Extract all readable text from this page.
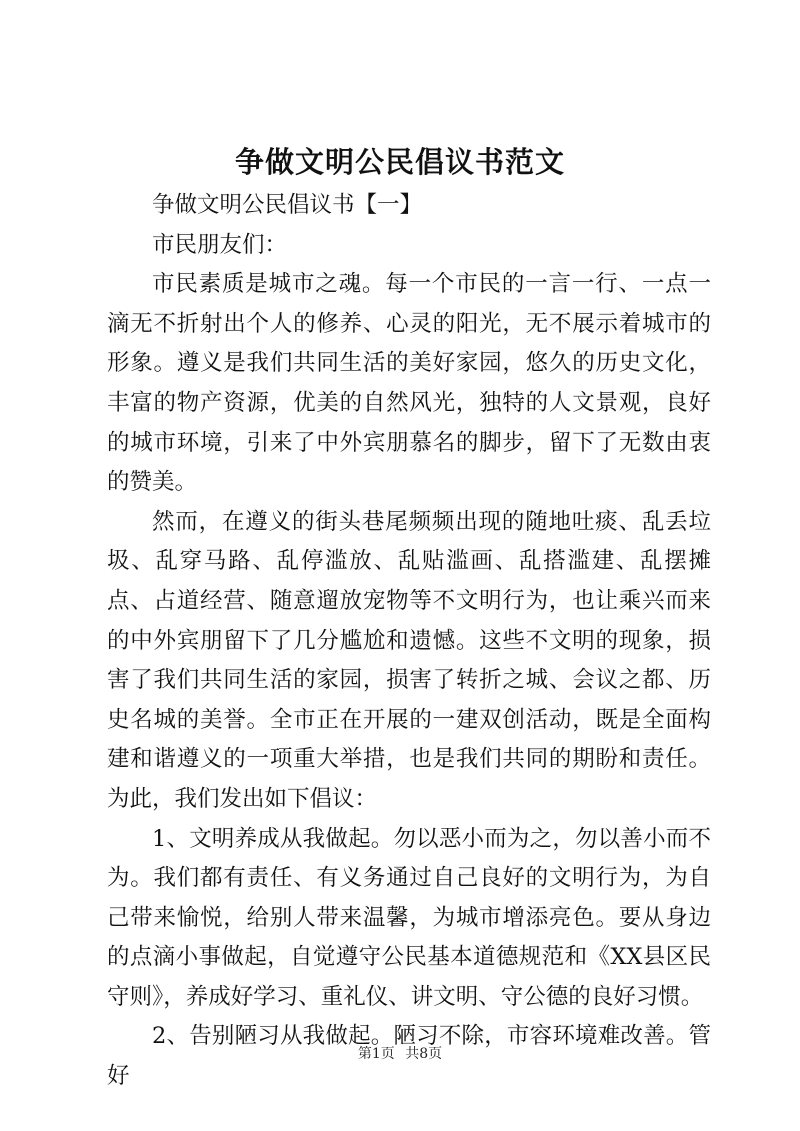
争做文明公民倡议书范文

争做文明公民倡议书【一】

市民朋友们：

市民素质是城市之魂。每一个市民的一言一行、一点一滴无不折射出个人的修养、心灵的阳光，无不展示着城市的形象。遵义是我们共同生活的美好家园，悠久的历史文化，丰富的物产资源，优美的自然风光，独特的人文景观，良好的城市环境，引来了中外宾朋慕名的脚步，留下了无数由衷的赞美。

然而，在遵义的街头巷尾频频出现的随地吐痰、乱丢垃圾、乱穿马路、乱停滥放、乱贴滥画、乱搭滥建、乱摆摊点、占道经营、随意遛放宠物等不文明行为，也让乘兴而来的中外宾朋留下了几分尴尬和遗憾。这些不文明的现象，损害了我们共同生活的家园，损害了转折之城、会议之都、历史名城的美誉。全市正在开展的一建双创活动，既是全面构建和谐遵义的一项重大举措，也是我们共同的期盼和责任。为此，我们发出如下倡议：

1、文明养成从我做起。勿以恶小而为之，勿以善小而不为。我们都有责任、有义务通过自己良好的文明行为，为自己带来愉悦，给别人带来温馨，为城市增添亮色。要从身边的点滴小事做起，自觉遵守公民基本道德规范和《XX县区民守则》，养成好学习、重礼仪、讲文明、守公德的良好习惯。

2、告别陋习从我做起。陋习不除，市容环境难改善。管好

第1页 共8页
